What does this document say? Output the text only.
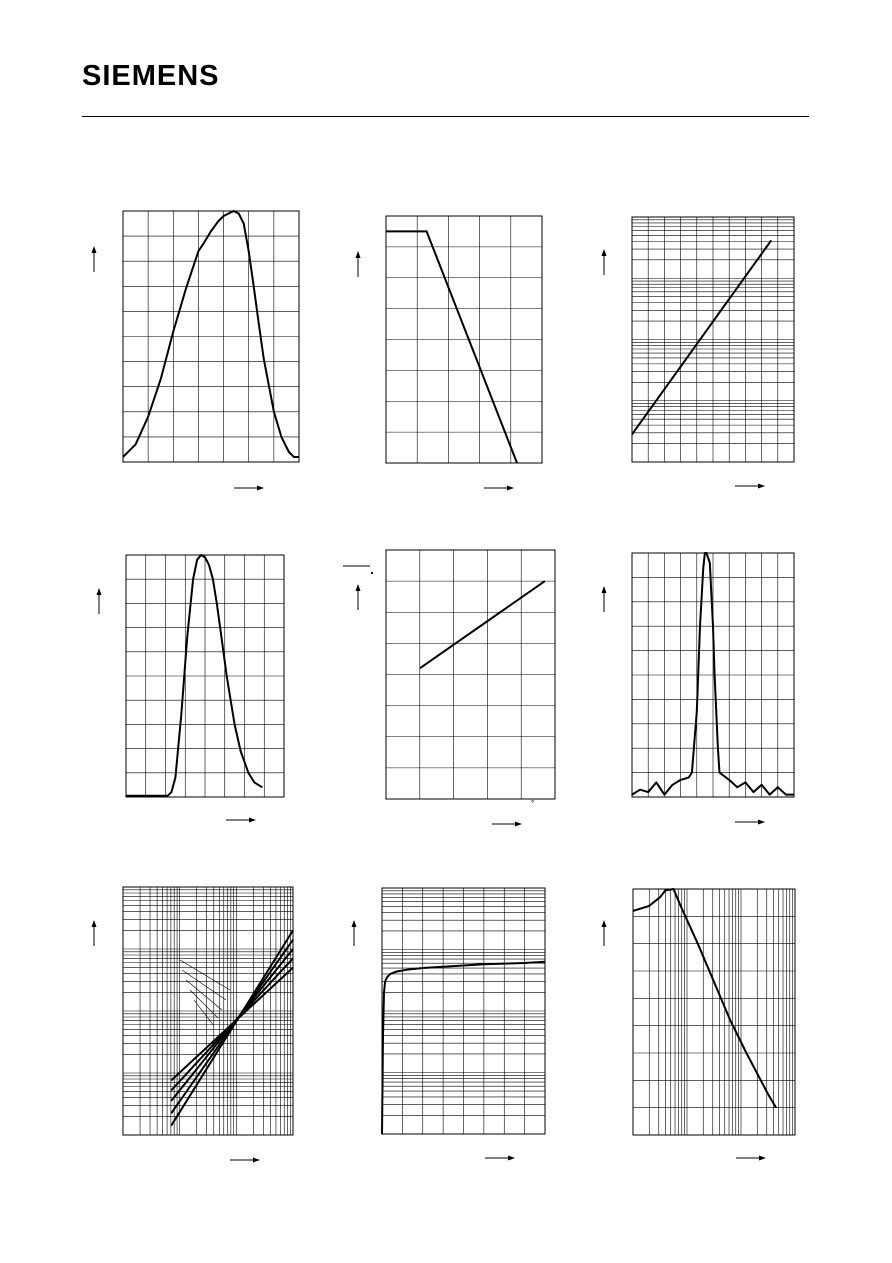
SIEMENS
°
